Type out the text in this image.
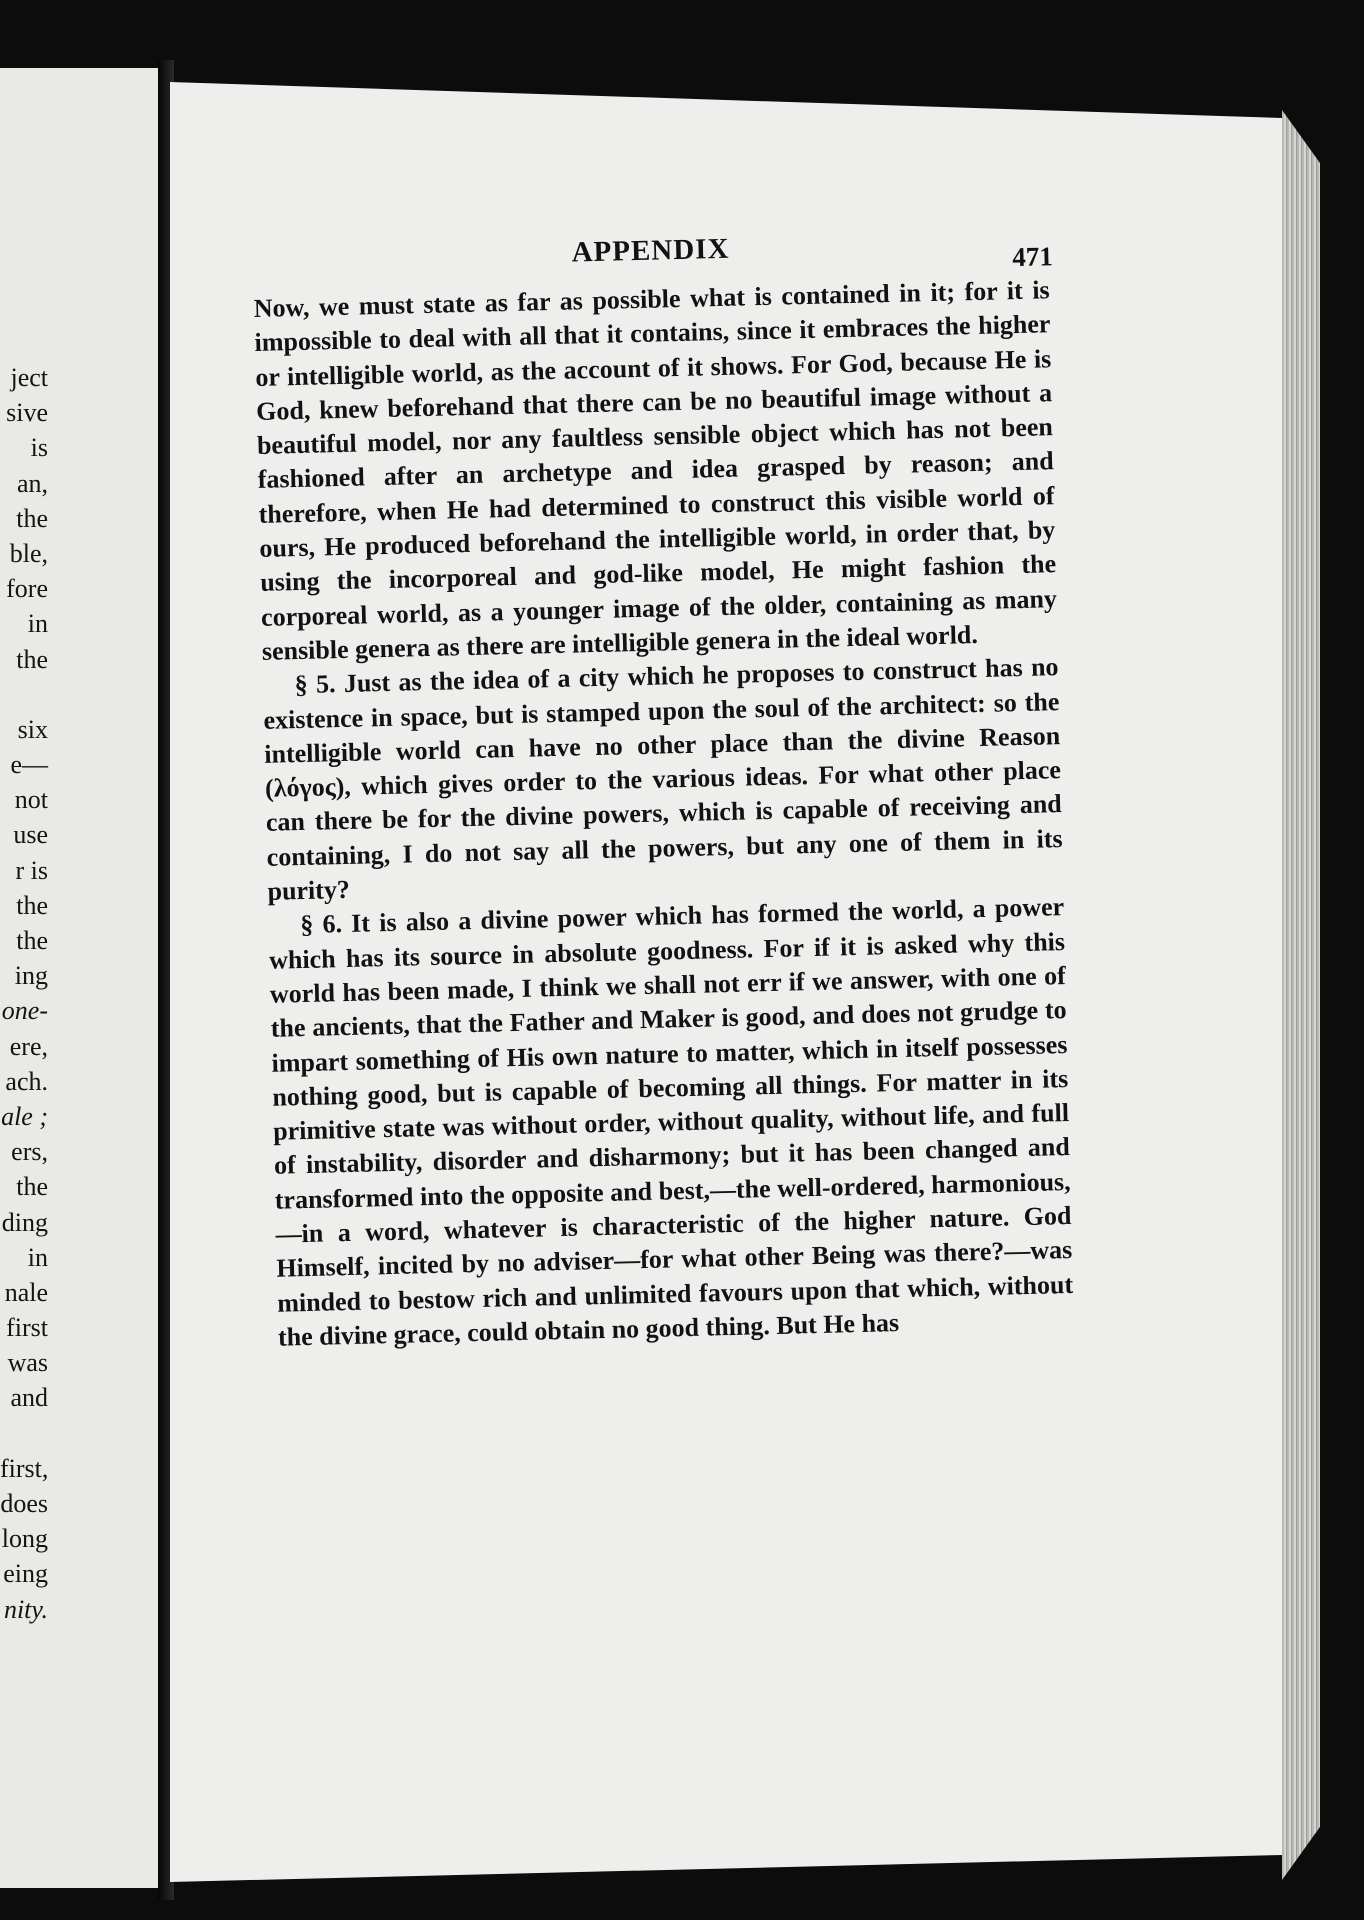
ject
sive
is
an,
the
ble,
fore
in
the
six
e—
not
use
r is
the
the
ing
one-
ere,
ach.
ale ;
ers,
the
ding
in
nale
first
was
and
first,
does
long
eing
nity.
APPENDIX	471

Now, we must state as far as possible what is contained in it; for it is impossible to deal with all that it contains, since it embraces the higher or intelligible world, as the account of it shows. For God, because He is God, knew beforehand that there can be no beautiful image without a beautiful model, nor any faultless sensible object which has not been fashioned after an archetype and idea grasped by reason; and therefore, when He had determined to construct this visible world of ours, He produced beforehand the intelligible world, in order that, by using the incorporeal and god-like model, He might fashion the corporeal world, as a younger image of the older, containing as many sensible genera as there are intelligible genera in the ideal world.

§ 5. Just as the idea of a city which he proposes to construct has no existence in space, but is stamped upon the soul of the architect: so the intelligible world can have no other place than the divine Reason (λόγος), which gives order to the various ideas. For what other place can there be for the divine powers, which is capable of receiving and containing, I do not say all the powers, but any one of them in its purity?

§ 6. It is also a divine power which has formed the world, a power which has its source in absolute goodness. For if it is asked why this world has been made, I think we shall not err if we answer, with one of the ancients, that the Father and Maker is good, and does not grudge to impart something of His own nature to matter, which in itself possesses nothing good, but is capable of becoming all things. For matter in its primitive state was without order, without quality, without life, and full of instability, disorder and disharmony; but it has been changed and transformed into the opposite and best,—the well-ordered, harmonious,—in a word, whatever is characteristic of the higher nature. God Himself, incited by no adviser—for what other Being was there?—was minded to bestow rich and unlimited favours upon that which, without the divine grace, could obtain no good thing. But He has
